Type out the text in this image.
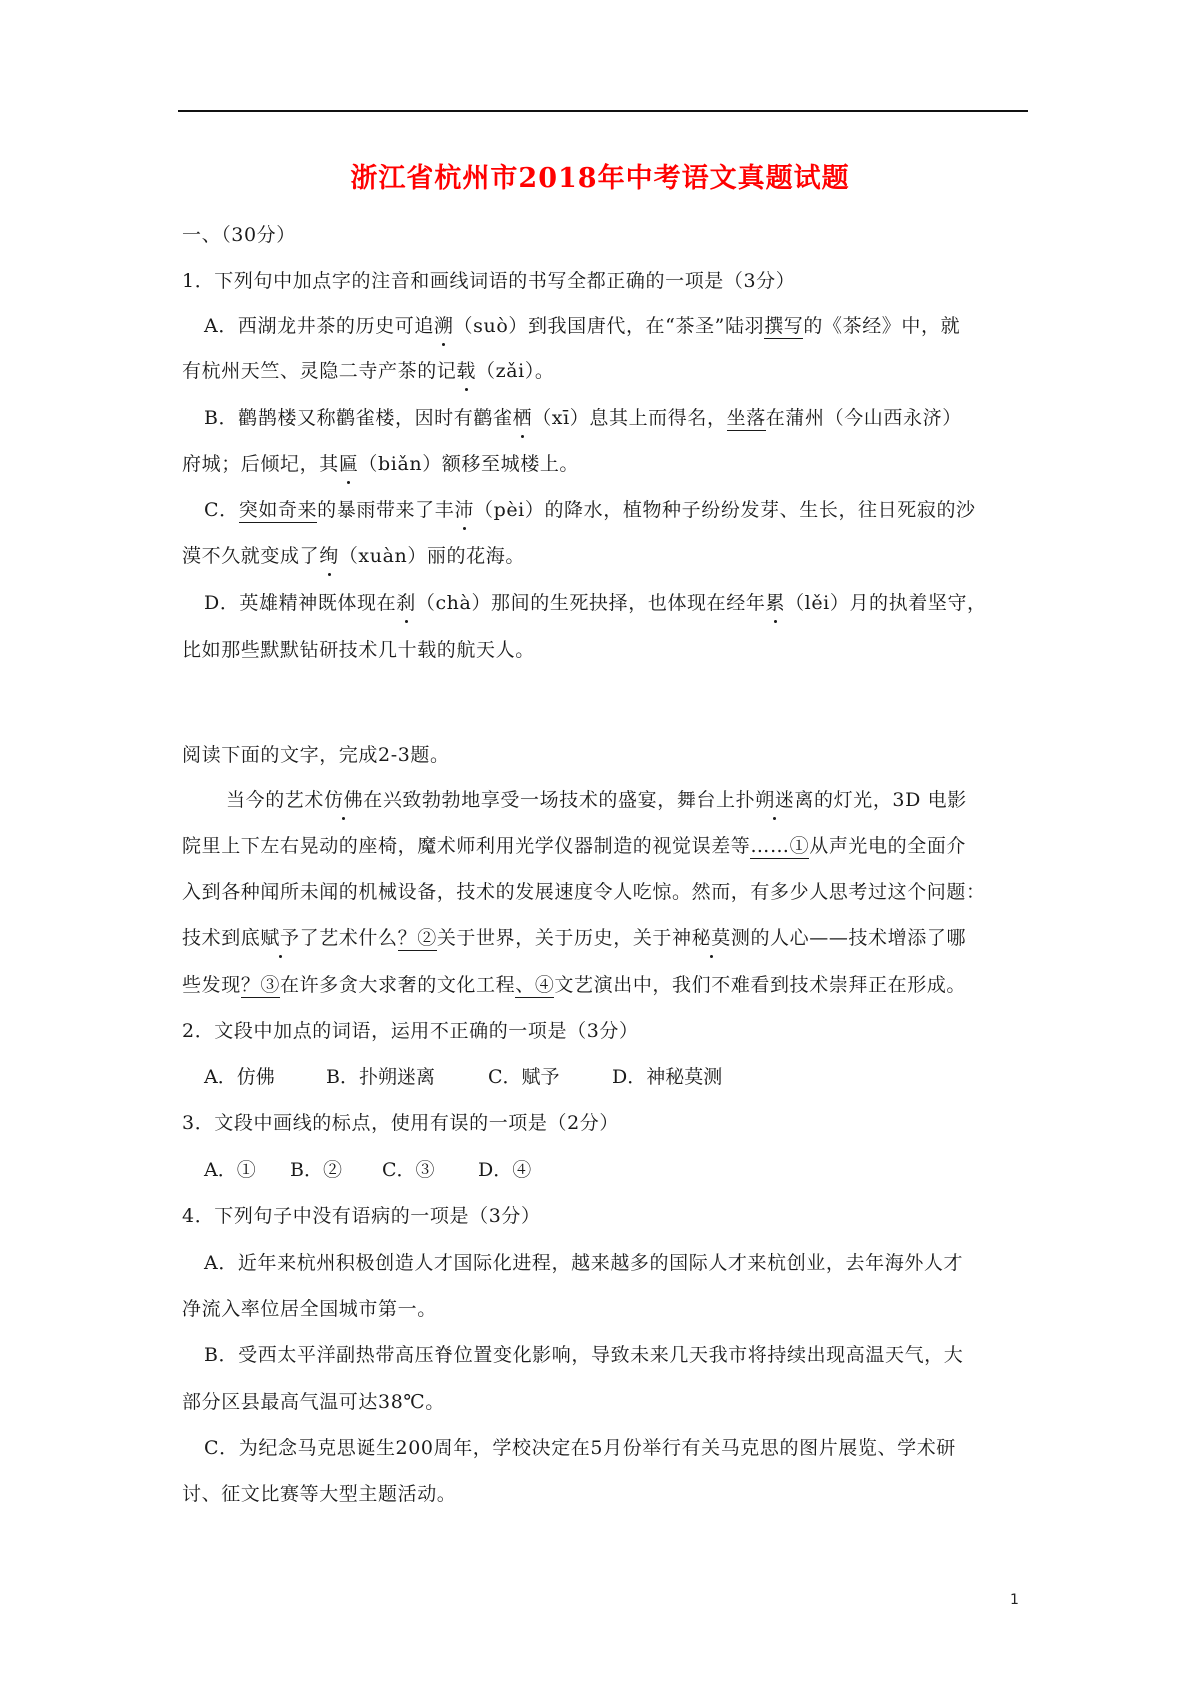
浙江省杭州市2018年中考语文真题试题
一、（30分）
1．下列句中加点字的注音和画线词语的书写全都正确的一项是（3分）
A．西湖龙井茶的历史可追溯（suò）到我国唐代，在“茶圣”陆羽撰写的《茶经》中，就
有杭州天竺、灵隐二寺产茶的记载（zǎi）。
B．鹳鹊楼又称鹳雀楼，因时有鹳雀栖（xī）息其上而得名，坐落在蒲州（今山西永济）
府城；后倾圮，其匾（biǎn）额移至城楼上。
C．突如奇来的暴雨带来了丰沛（pèi）的降水，植物种子纷纷发芽、生长，往日死寂的沙
漠不久就变成了绚（xuàn）丽的花海。
D．英雄精神既体现在刹（chà）那间的生死抉择，也体现在经年累（lěi）月的执着坚守，
比如那些默默钻研技术几十载的航天人。
阅读下面的文字，完成2-3题。
当今的艺术仿佛在兴致勃勃地享受一场技术的盛宴，舞台上扑朔迷离的灯光，3D 电影
院里上下左右晃动的座椅，魔术师利用光学仪器制造的视觉误差等……①从声光电的全面介
入到各种闻所未闻的机械设备，技术的发展速度令人吃惊。然而，有多少人思考过这个问题：
技术到底赋予了艺术什么？②关于世界，关于历史，关于神秘莫测的人心——技术增添了哪
些发现？③在许多贪大求奢的文化工程、④文艺演出中，我们不难看到技术崇拜正在形成。
2．文段中加点的词语，运用不正确的一项是（3分）
A．仿佛	B．扑朔迷离	C．赋予	D．神秘莫测
3．文段中画线的标点，使用有误的一项是（2分）
A．① B．② C．③ D．④
4．下列句子中没有语病的一项是（3分）
A．近年来杭州积极创造人才国际化进程，越来越多的国际人才来杭创业，去年海外人才
净流入率位居全国城市第一。
B．受西太平洋副热带高压脊位置变化影响，导致未来几天我市将持续出现高温天气，大
部分区县最高气温可达38℃。
C．为纪念马克思诞生200周年，学校决定在5月份举行有关马克思的图片展览、学术研
讨、征文比赛等大型主题活动。
1
